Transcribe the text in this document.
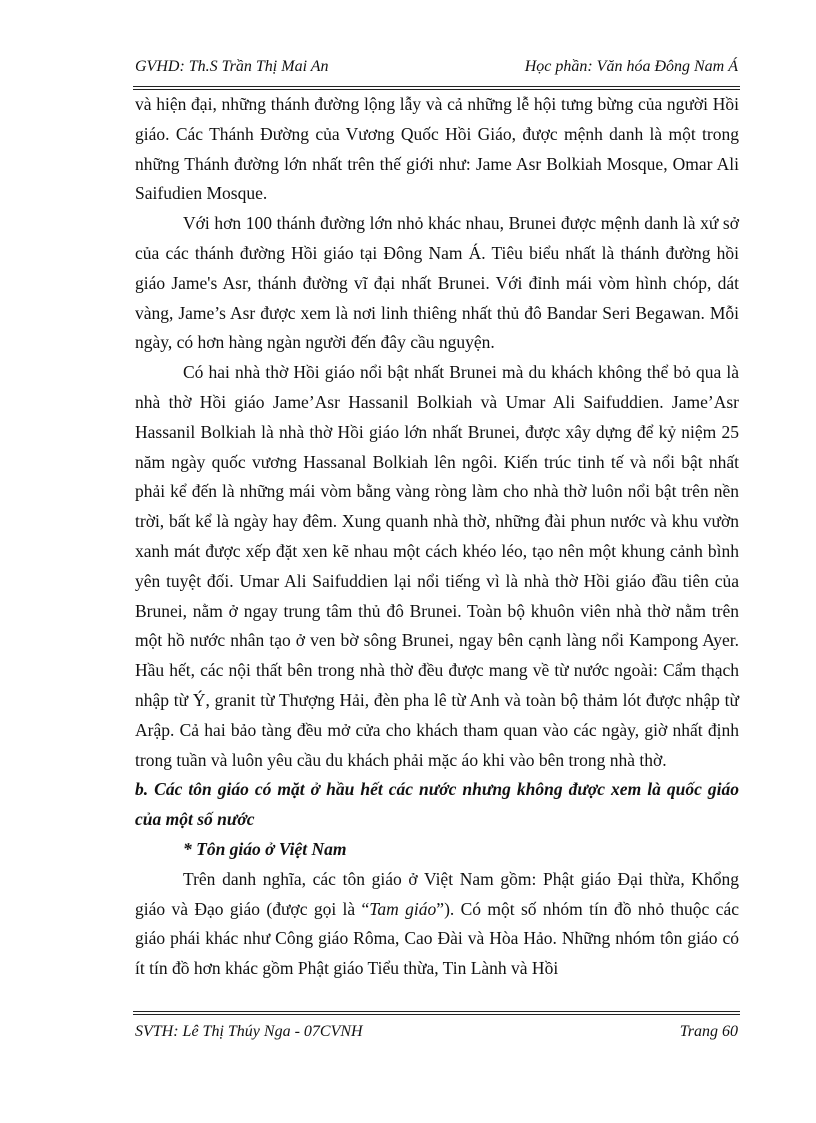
GVHD: Th.S Trần Thị Mai An	Học phần: Văn hóa Đông Nam Á

và hiện đại, những thánh đường lộng lẫy và cả những lễ hội tưng bừng của người Hồi giáo. Các Thánh Đường của Vương Quốc Hồi Giáo, được mệnh danh là một trong những Thánh đường lớn nhất trên thế giới như: Jame Asr Bolkiah Mosque, Omar Ali Saifudien Mosque.

Với hơn 100 thánh đường lớn nhỏ khác nhau, Brunei được mệnh danh là xứ sở của các thánh đường Hồi giáo tại Đông Nam Á. Tiêu biểu nhất là thánh đường hồi giáo Jame's Asr, thánh đường vĩ đại nhất Brunei. Với đỉnh mái vòm hình chóp, dát vàng, Jame’s Asr được xem là nơi linh thiêng nhất thủ đô Bandar Seri Begawan. Mỗi ngày, có hơn hàng ngàn người đến đây cầu nguyện.

Có hai nhà thờ Hồi giáo nổi bật nhất Brunei mà du khách không thể bỏ qua là nhà thờ Hồi giáo Jame’Asr Hassanil Bolkiah và Umar Ali Saifuddien. Jame’Asr Hassanil Bolkiah là nhà thờ Hồi giáo lớn nhất Brunei, được xây dựng để kỷ niệm 25 năm ngày quốc vương Hassanal Bolkiah lên ngôi. Kiến trúc tinh tế và nổi bật nhất phải kể đến là những mái vòm bằng vàng ròng làm cho nhà thờ luôn nổi bật trên nền trời, bất kể là ngày hay đêm. Xung quanh nhà thờ, những đài phun nước và khu vườn xanh mát được xếp đặt xen kẽ nhau một cách khéo léo, tạo nên một khung cảnh bình yên tuyệt đối. Umar Ali Saifuddien lại nổi tiếng vì là nhà thờ Hồi giáo đầu tiên của Brunei, nằm ở ngay trung tâm thủ đô Brunei. Toàn bộ khuôn viên nhà thờ nằm trên một hồ nước nhân tạo ở ven bờ sông Brunei, ngay bên cạnh làng nổi Kampong Ayer. Hầu hết, các nội thất bên trong nhà thờ đều được mang về từ nước ngoài: Cẩm thạch nhập từ Ý, granit từ Thượng Hải, đèn pha lê từ Anh và toàn bộ thảm lót được nhập từ Arập. Cả hai bảo tàng đều mở cửa cho khách tham quan vào các ngày, giờ nhất định trong tuần và luôn yêu cầu du khách phải mặc áo khi vào bên trong nhà thờ.

b. Các tôn giáo có mặt ở hầu hết các nước nhưng không được xem là quốc giáo của một số nước

* Tôn giáo ở Việt Nam

Trên danh nghĩa, các tôn giáo ở Việt Nam gồm: Phật giáo Đại thừa, Khổng giáo và Đạo giáo (được gọi là “Tam giáo”). Có một số nhóm tín đồ nhỏ thuộc các giáo phái khác như Công giáo Rôma, Cao Đài và Hòa Hảo. Những nhóm tôn giáo có ít tín đồ hơn khác gồm Phật giáo Tiểu thừa, Tin Lành và Hồi

SVTH: Lê Thị Thúy Nga - 07CVNH	Trang 60
